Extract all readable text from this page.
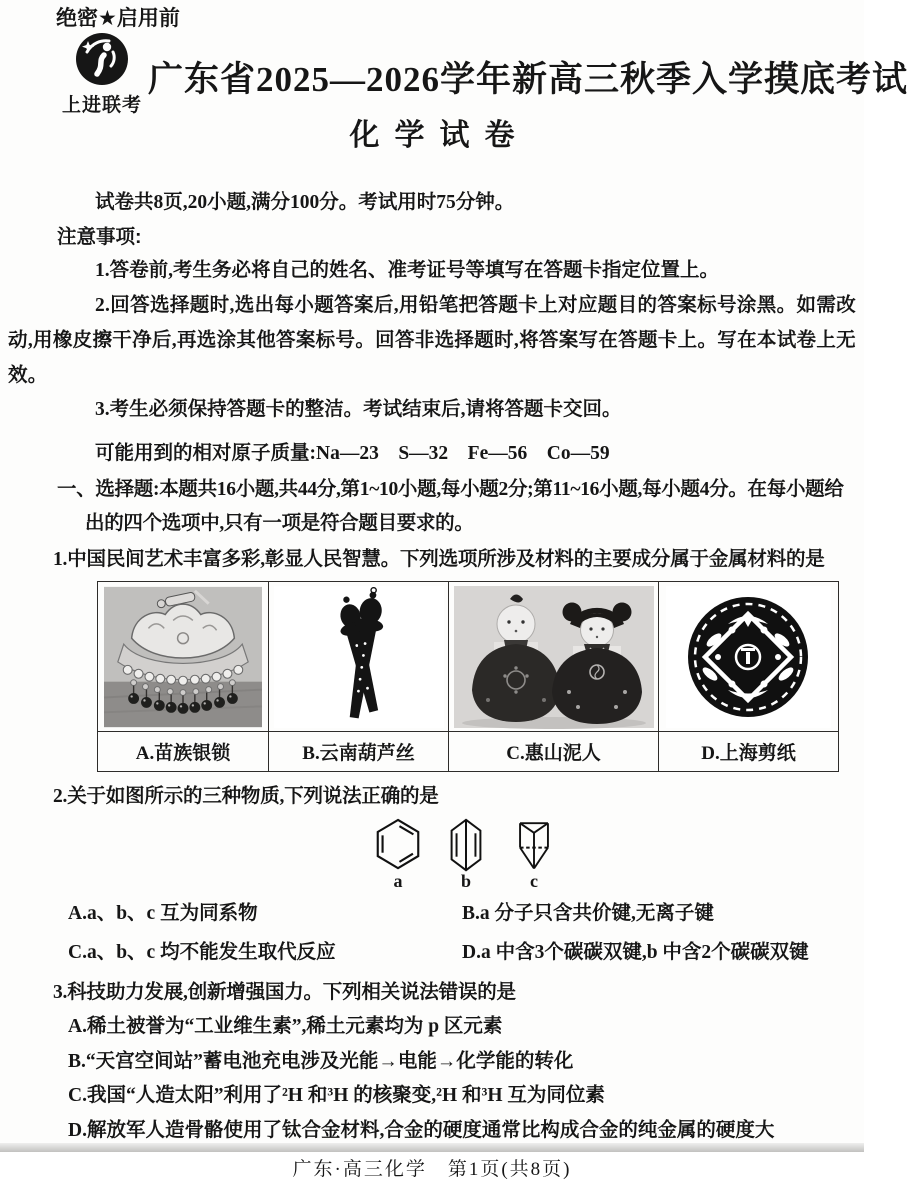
绝密★启用前
上进联考
广东省2025—2026学年新高三秋季入学摸底考试
化学试卷

试卷共8页,20小题,满分100分。考试用时75分钟。

注意事项:

1.答卷前,考生务必将自己的姓名、准考证号等填写在答题卡指定位置上。

2.回答选择题时,选出每小题答案后,用铅笔把答题卡上对应题目的答案标号涂黑。如需改动,用橡皮擦干净后,再选涂其他答案标号。回答非选择题时,将答案写在答题卡上。写在本试卷上无效。

3.考生必须保持答题卡的整洁。考试结束后,请将答题卡交回。

可能用到的相对原子质量:Na—23　S—32　Fe—56　Co—59

一、选择题:本题共16小题,共44分,第1~10小题,每小题2分;第11~16小题,每小题4分。在每小题给出的四个选项中,只有一项是符合题目要求的。

1.中国民间艺术丰富多彩,彰显人民智慧。下列选项所涉及材料的主要成分属于金属材料的是

A.苗族银锁	B.云南葫芦丝	C.惠山泥人	D.上海剪纸

2.关于如图所示的三种物质,下列说法正确的是

a	b	c
A.a、b、c 互为同系物	B.a 分子只含共价键,无离子键
C.a、b、c 均不能发生取代反应	D.a 中含3个碳碳双键,b 中含2个碳碳双键

3.科技助力发展,创新增强国力。下列相关说法错误的是

A.稀土被誉为“工业维生素”,稀土元素均为 p 区元素
B.“天宫空间站”蓄电池充电涉及光能→电能→化学能的转化
C.我国“人造太阳”利用了²H 和³H 的核聚变,²H 和³H 互为同位素
D.解放军人造骨骼使用了钛合金材料,合金的硬度通常比构成合金的纯金属的硬度大
广东·高三化学　第1页(共8页)
